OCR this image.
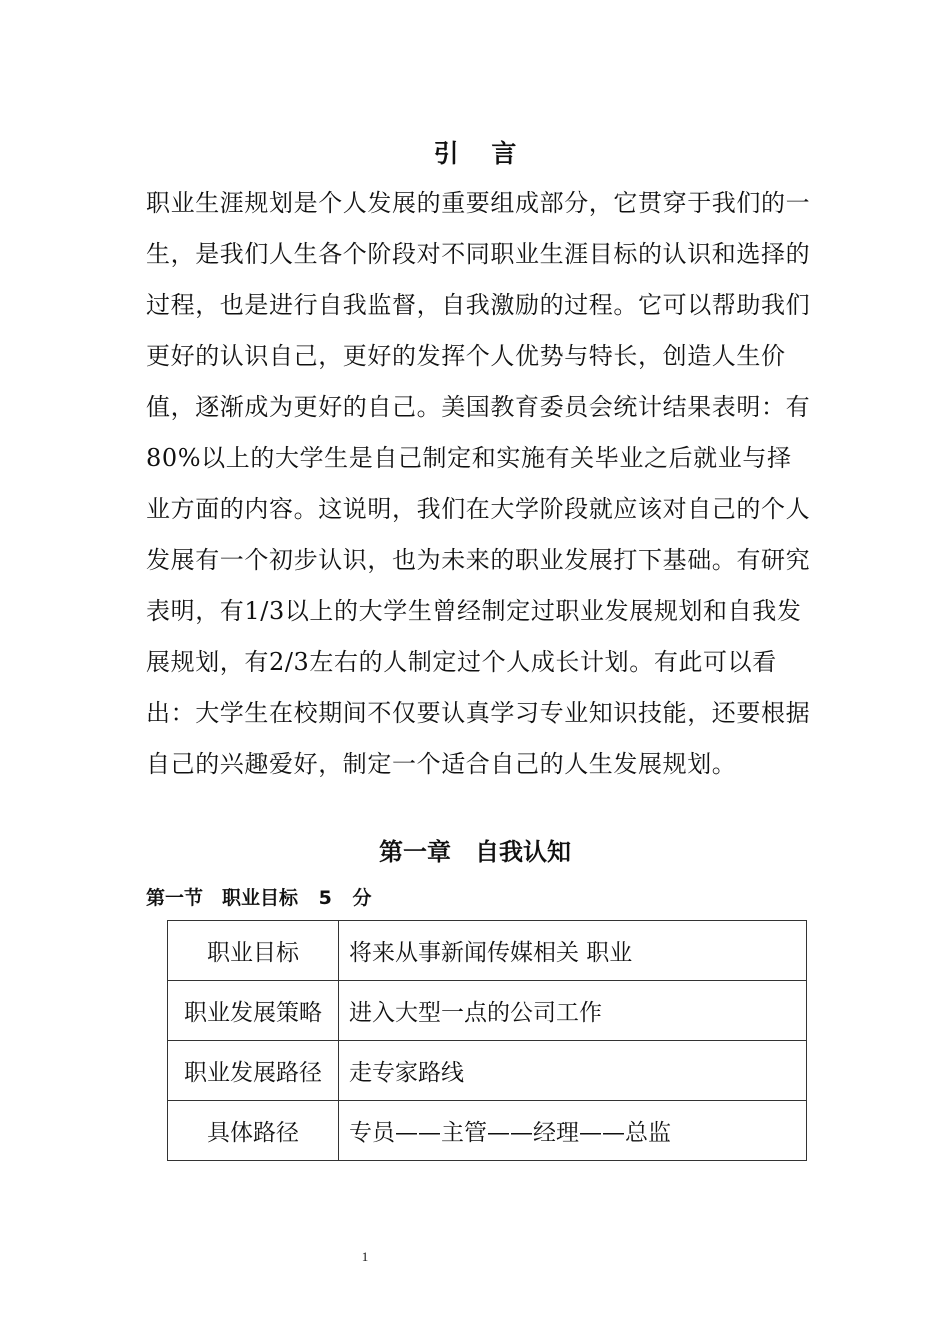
引 言
职业生涯规划是个人发展的重要组成部分，它贯穿于我们的一生，是我们人生各个阶段对不同职业生涯目标的认识和选择的过程，也是进行自我监督，自我激励的过程。它可以帮助我们更好的认识自己，更好的发挥个人优势与特长，创造人生价值，逐渐成为更好的自己。美国教育委员会统计结果表明：有80%以上的大学生是自己制定和实施有关毕业之后就业与择业方面的内容。这说明，我们在大学阶段就应该对自己的个人发展有一个初步认识，也为未来的职业发展打下基础。有研究表明，有1/3以上的大学生曾经制定过职业发展规划和自我发展规划，有2/3左右的人制定过个人成长计划。有此可以看出：大学生在校期间不仅要认真学习专业知识技能，还要根据自己的兴趣爱好，制定一个适合自己的人生发展规划。
第一章　自我认知
第一节　职业目标 5 分
职业目标	将来从事新闻传媒相关 职业
职业发展策略	进入大型一点的公司工作
职业发展路径	走专家路线
具体路径	专员——主管——经理——总监
1
